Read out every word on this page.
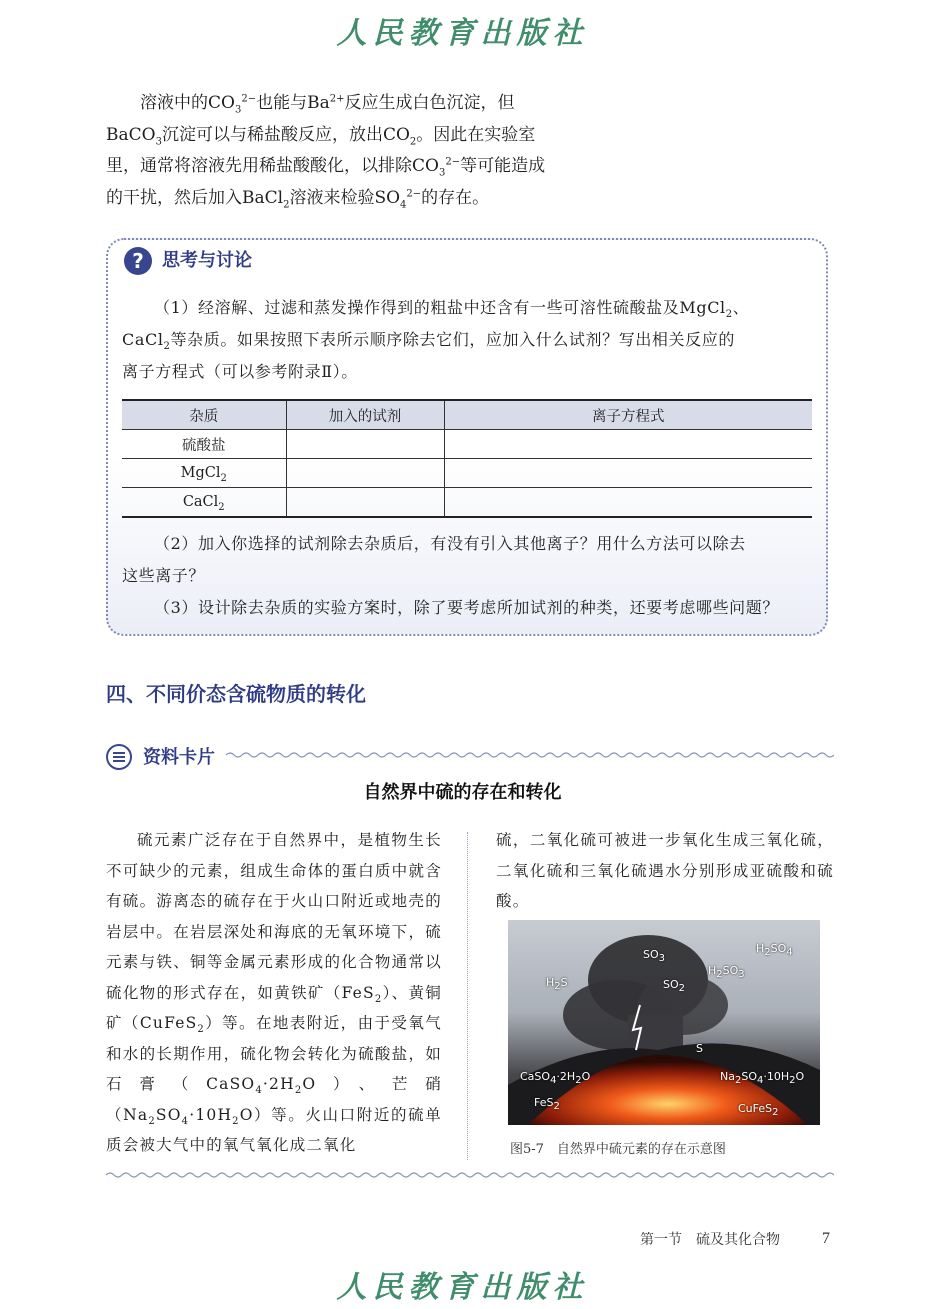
人民教育出版社

溶液中的$CO_3^{2-}$也能与$Ba^{2+}$反应生成白色沉淀，但

BaCO$_3$沉淀可以与稀盐酸反应，放出$CO_2$。因此在实验室

里，通常将溶液先用稀盐酸酸化，以排除$CO_3^{2-}$等可能造成

的干扰，然后加入BaCl$_2$溶液来检验$SO_4^{2-}$的存在。

?	思考与讨论

（1）经溶解、过滤和蒸发操作得到的粗盐中还含有一些可溶性硫酸盐及MgCl$_2$、

CaCl$_2$等杂质。如果按照下表所示顺序除去它们，应加入什么试剂？写出相关反应的

离子方程式（可以参考附录Ⅱ）。

杂质	加入的试剂	离子方程式
硫酸盐		
MgCl$_2$		
CaCl$_2$		

（2）加入你选择的试剂除去杂质后，有没有引入其他离子？用什么方法可以除去

这些离子？

（3）设计除去杂质的实验方案时，除了要考虑所加试剂的种类，还要考虑哪些问题？

四、不同价态含硫物质的转化
资料卡片
自然界中硫的存在和转化

硫元素广泛存在于自然界中，是植物生长不可缺少的元素，组成生命体的蛋白质中就含有硫。游离态的硫存在于火山口附近或地壳的岩层中。在岩层深处和海底的无氧环境下，硫元素与铁、铜等金属元素形成的化合物通常以硫化物的形式存在，如黄铁矿（FeS$_2$）、黄铜矿（CuFeS$_2$）等。在地表附近，由于受氧气和水的长期作用，硫化物会转化为硫酸盐，如石膏$(CaSO_4\cdot 2H_2O)$、芒硝$(Na_2SO_4\cdot 10H_2O)$等。火山口附近的硫单质会被大气中的氧气氧化成二氧化

硫，二氧化硫可被进一步氧化生成三氧化硫，二氧化硫和三氧化硫遇水分别形成亚硫酸和硫酸。

$SO_3$
$H_2SO_4$
$H_2S$
$H_2SO_3$
$SO_2$
S
$CaSO_4\cdot 2H_2O$	$Na_2SO_4\cdot 10H_2O$
FeS$_2$	CuFeS$_2$
图5-7　自然界中硫元素的存在示意图
第一节　硫及其化合物	7
人民教育出版社
